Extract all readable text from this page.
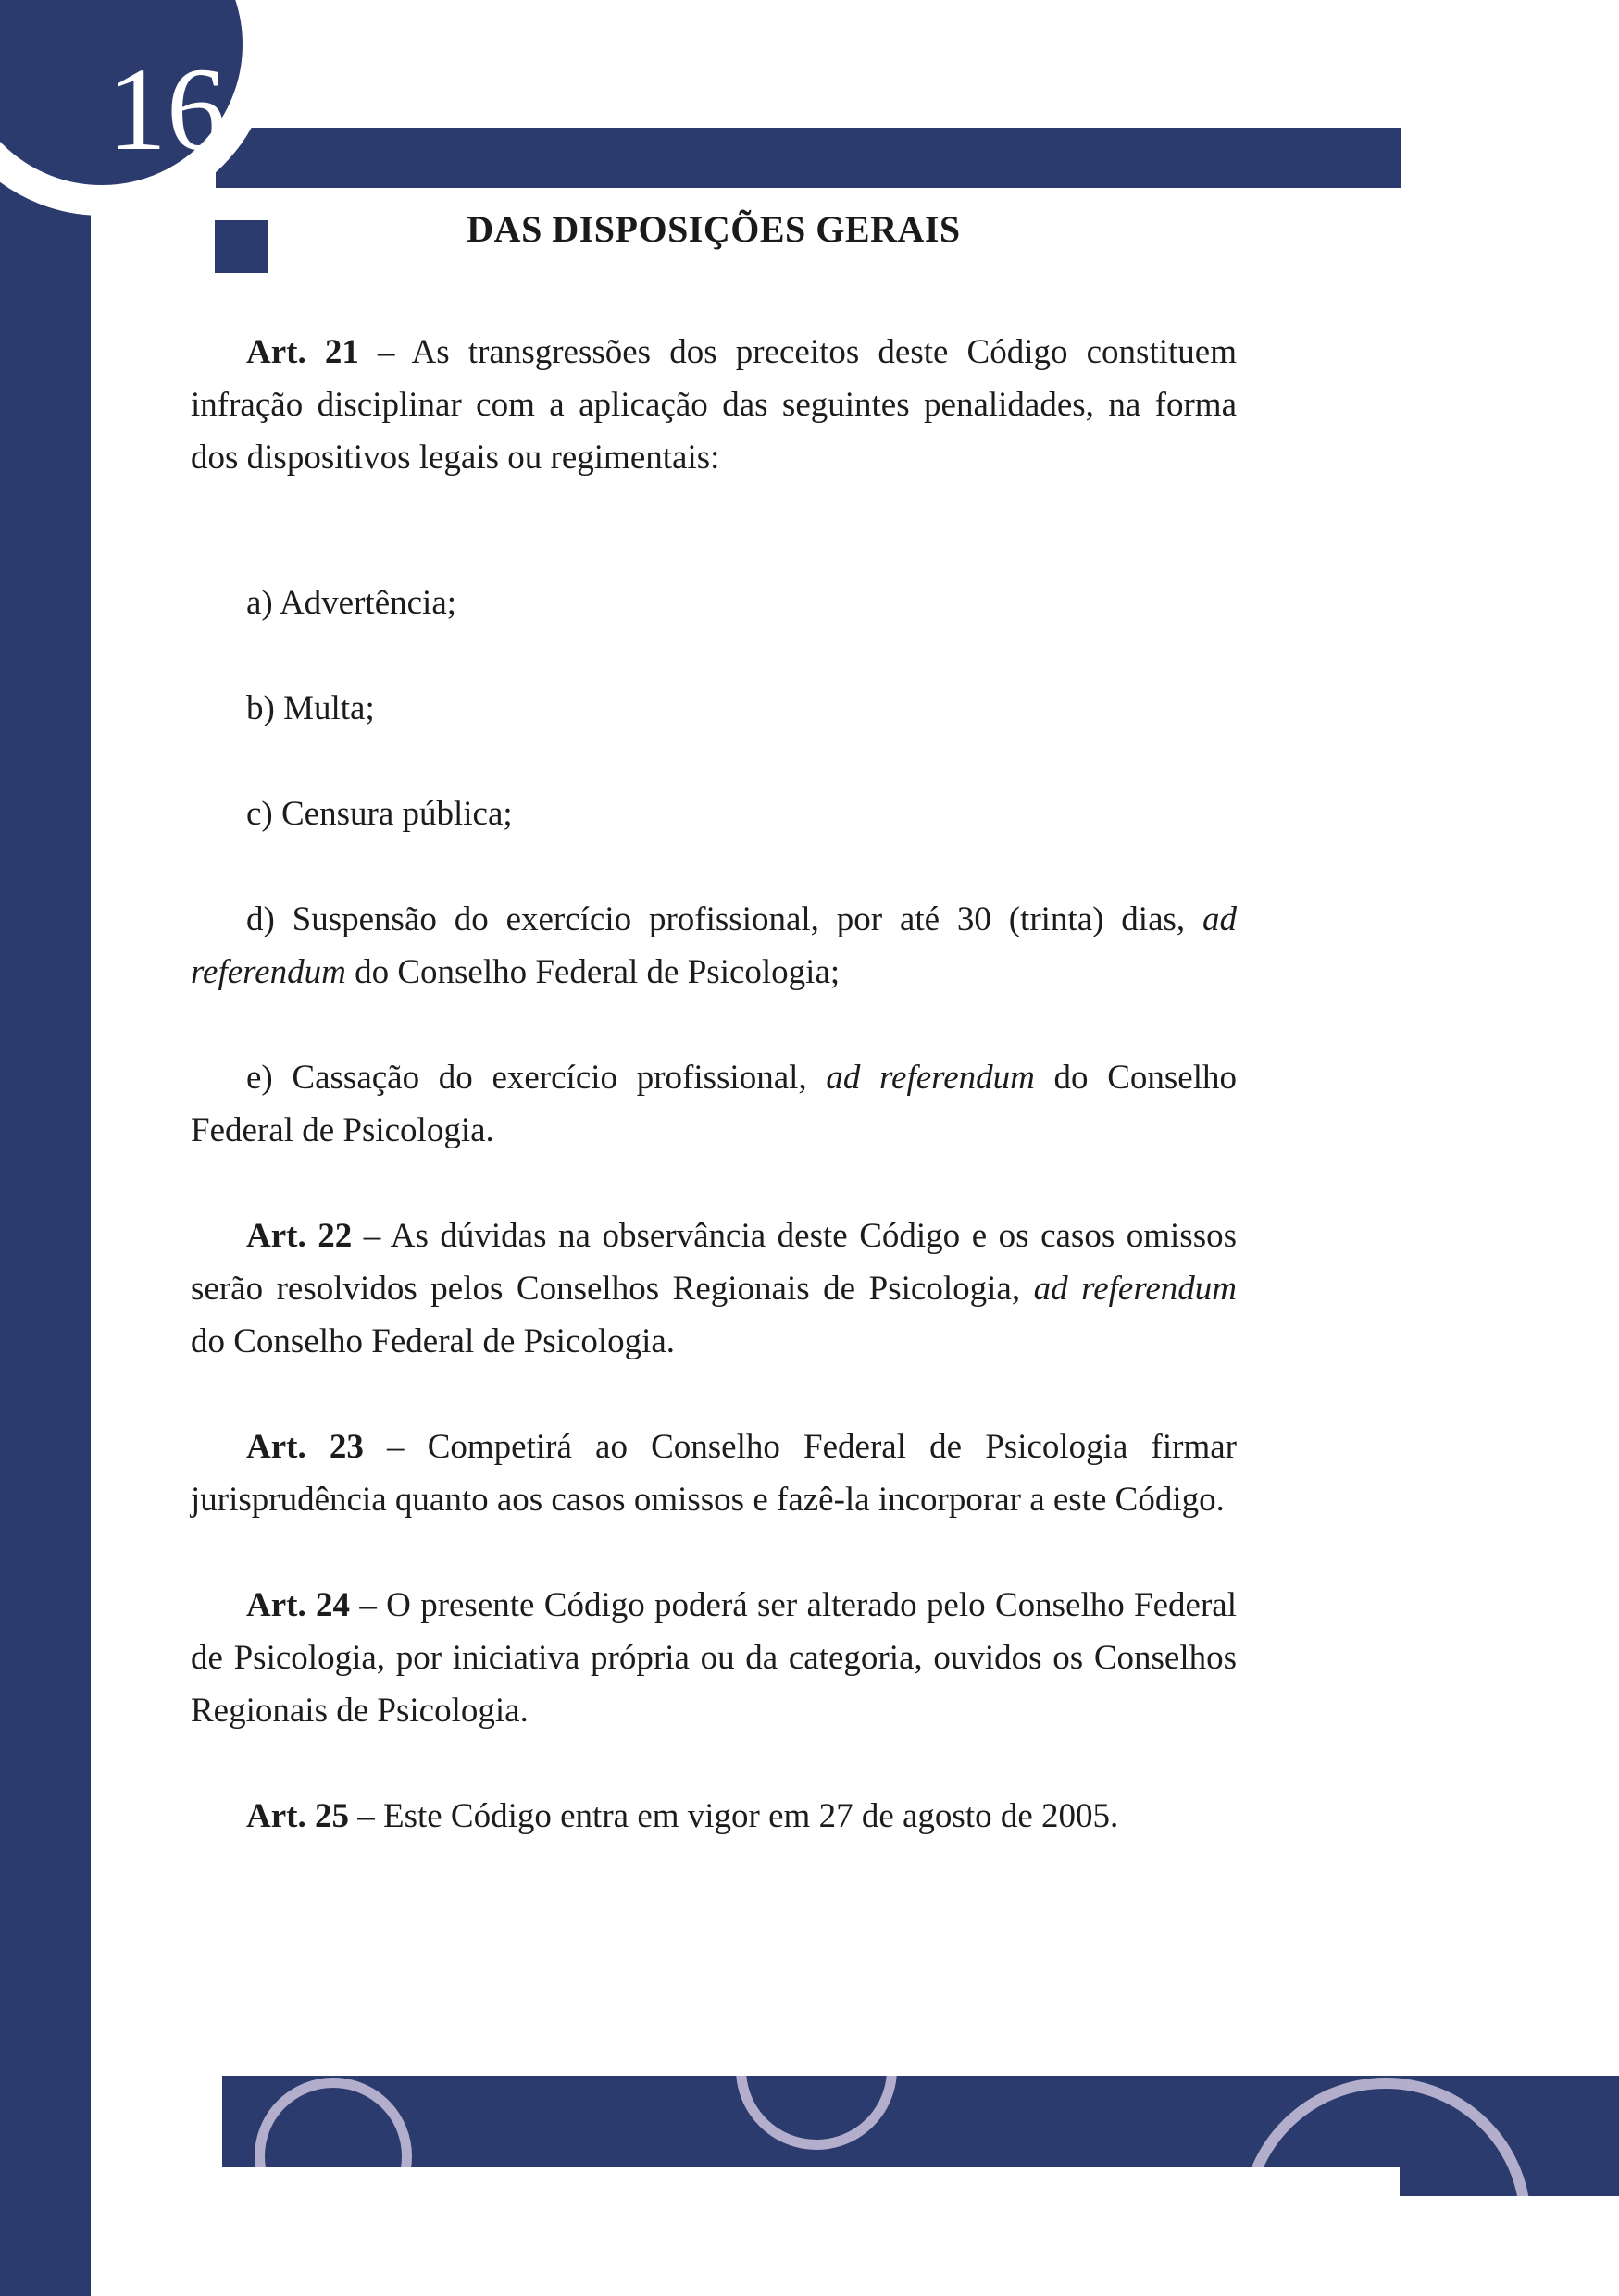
16
DAS DISPOSIÇÕES GERAIS

Art. 21 – As transgressões dos preceitos deste Código constituem infração disciplinar com a aplicação das seguintes penalidades, na forma dos dispositivos legais ou regimentais:

a) Advertência;

b) Multa;

c) Censura pública;

d) Suspensão do exercício profissional, por até 30 (trinta) dias, ad referendum do Conselho Federal de Psicologia;

e) Cassação do exercício profissional, ad referendum do Conselho Federal de Psicologia.

Art. 22 – As dúvidas na observância deste Código e os casos omissos serão resolvidos pelos Conselhos Regionais de Psicologia, ad referendum do Conselho Federal de Psicologia.

Art. 23 – Competirá ao Conselho Federal de Psicologia firmar jurisprudência quanto aos casos omissos e fazê-la incorporar a este Código.

Art. 24 – O presente Código poderá ser alterado pelo Conselho Federal de Psicologia, por iniciativa própria ou da categoria, ouvidos os Conselhos Regionais de Psicologia.

Art. 25 – Este Código entra em vigor em 27 de agosto de 2005.
